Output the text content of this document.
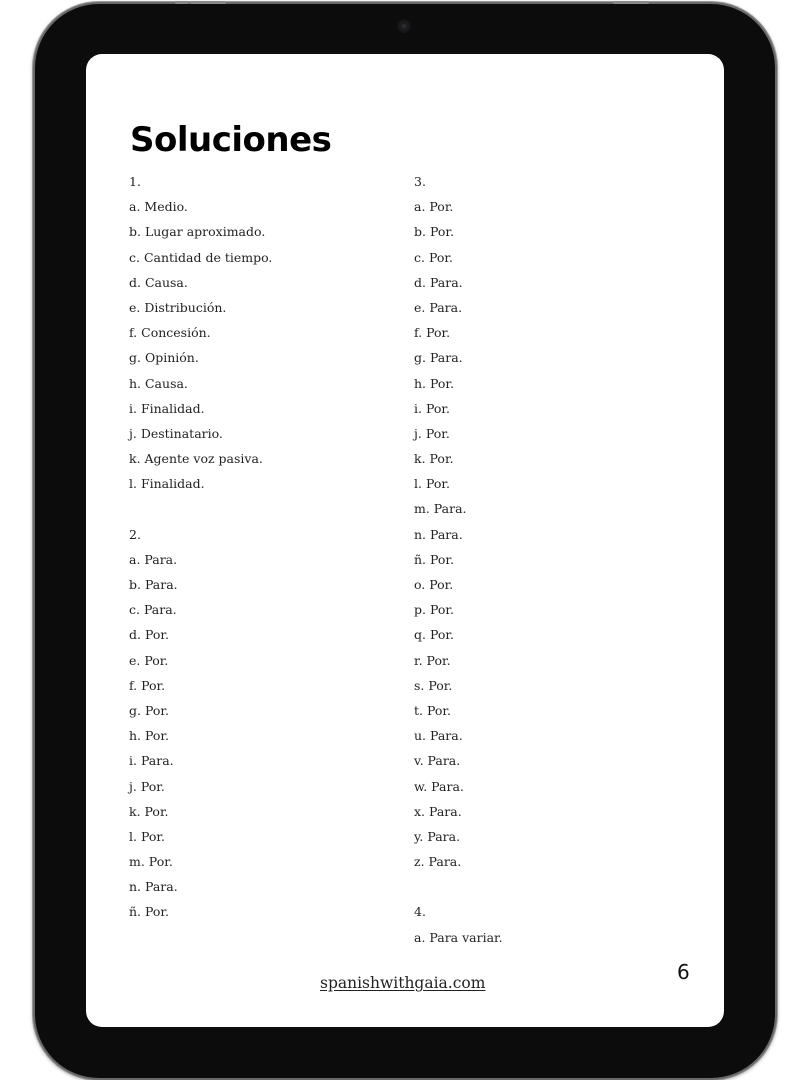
Soluciones
1.
a. Medio.
b. Lugar aproximado.
c. Cantidad de tiempo.
d. Causa.
e. Distribución.
f. Concesión.
g. Opinión.
h. Causa.
i. Finalidad.
j. Destinatario.
k. Agente voz pasiva.
l. Finalidad.
2.
a. Para.
b. Para.
c. Para.
d. Por.
e. Por.
f. Por.
g. Por.
h. Por.
i. Para.
j. Por.
k. Por.
l. Por.
m. Por.
n. Para.
ñ. Por.
3.
a. Por.
b. Por.
c. Por.
d. Para.
e. Para.
f. Por.
g. Para.
h. Por.
i. Por.
j. Por.
k. Por.
l. Por.
m. Para.
n. Para.
ñ. Por.
o. Por.
p. Por.
q. Por.
r. Por.
s. Por.
t. Por.
u. Para.
v. Para.
w. Para.
x. Para.
y. Para.
z. Para.
4.
a. Para variar.
spanishwithgaia.com	6
